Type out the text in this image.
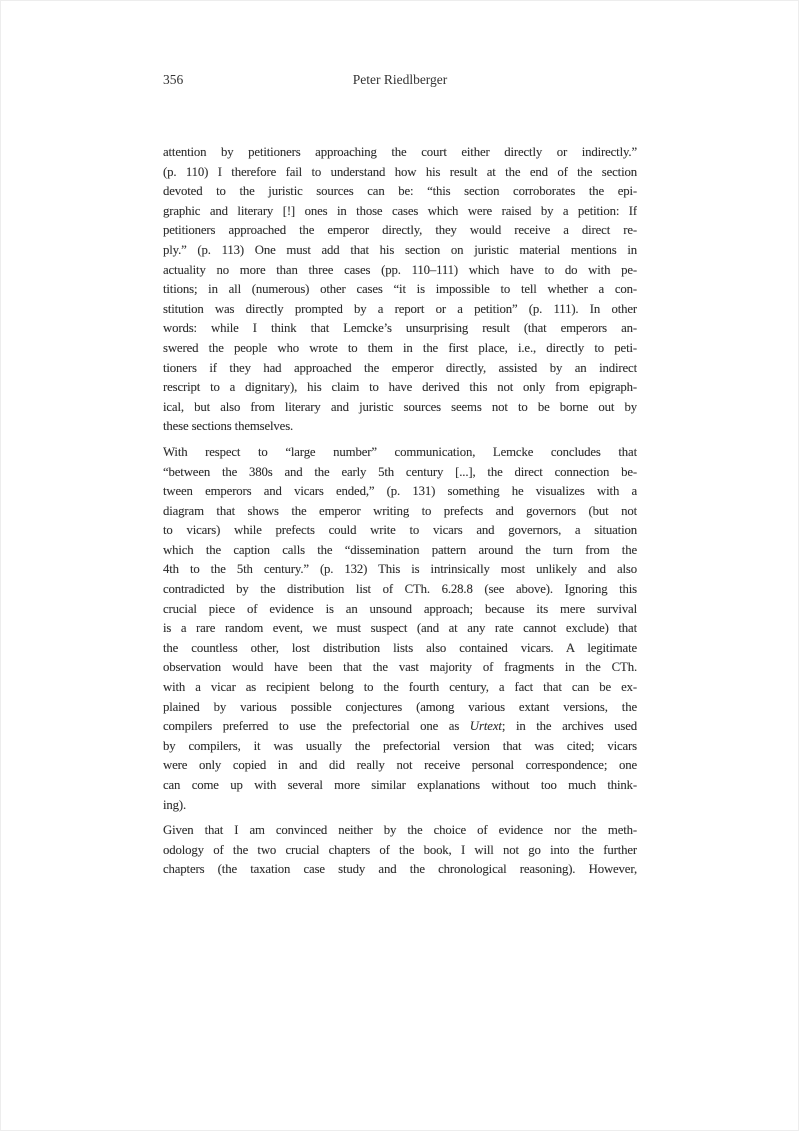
356	Peter Riedlberger
attention by petitioners approaching the court either directly or indirectly.”
(p. 110) I therefore fail to understand how his result at the end of the section
devoted to the juristic sources can be: “this section corroborates the epi-
graphic and literary [!] ones in those cases which were raised by a petition: If
petitioners approached the emperor directly, they would receive a direct re-
ply.” (p. 113) One must add that his section on juristic material mentions in
actuality no more than three cases (pp. 110–111) which have to do with pe-
titions; in all (numerous) other cases “it is impossible to tell whether a con-
stitution was directly prompted by a report or a petition” (p. 111). In other
words: while I think that Lemcke’s unsurprising result (that emperors an-
swered the people who wrote to them in the first place, i.e., directly to peti-
tioners if they had approached the emperor directly, assisted by an indirect
rescript to a dignitary), his claim to have derived this not only from epigraph-
ical, but also from literary and juristic sources seems not to be borne out by
these sections themselves.
With respect to “large number” communication, Lemcke concludes that
“between the 380s and the early 5th century [...], the direct connection be-
tween emperors and vicars ended,” (p. 131) something he visualizes with a
diagram that shows the emperor writing to prefects and governors (but not
to vicars) while prefects could write to vicars and governors, a situation
which the caption calls the “dissemination pattern around the turn from the
4th to the 5th century.” (p. 132) This is intrinsically most unlikely and also
contradicted by the distribution list of CTh. 6.28.8 (see above). Ignoring this
crucial piece of evidence is an unsound approach; because its mere survival
is a rare random event, we must suspect (and at any rate cannot exclude) that
the countless other, lost distribution lists also contained vicars. A legitimate
observation would have been that the vast majority of fragments in the CTh.
with a vicar as recipient belong to the fourth century, a fact that can be ex-
plained by various possible conjectures (among various extant versions, the
compilers preferred to use the prefectorial one as Urtext; in the archives used
by compilers, it was usually the prefectorial version that was cited; vicars
were only copied in and did really not receive personal correspondence; one
can come up with several more similar explanations without too much think-
ing).
Given that I am convinced neither by the choice of evidence nor the meth-
odology of the two crucial chapters of the book, I will not go into the further
chapters (the taxation case study and the chronological reasoning). However,
